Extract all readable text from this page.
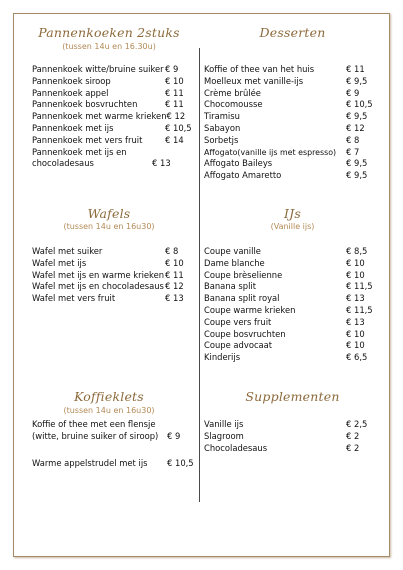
Pannenkoeken 2stuks
(tussen 14u en 16.30u)
Pannenkoek witte/bruine suiker € 9
Pannenkoek siroop	€ 10
Pannenkoek appel	€ 11
Pannenkoek bosvruchten	€ 11
Pannenkoek met warme krieken € 12
Pannenkoek met ijs	€ 10,5
Pannenkoek met vers fruit	€ 14
Pannenkoek met ijs en chocoladesaus	€ 13
Desserten
Koffie of thee van het huis	€ 11
Moelleux met vanille-ijs	€ 9,5
Crème brûlée	€ 9
Chocomousse	€ 10,5
Tiramisu	€ 9,5
Sabayon	€ 12
Sorbetjs	€ 8
Affogato(vanille ijs met espresso)	€ 7
Affogato Baileys	€ 9,5
Affogato Amaretto	€ 9,5
Wafels
(tussen 14u en 16u30)
Wafel met suiker	€ 8
Wafel met ijs	€ 10
Wafel met ijs en warme krieken € 11
Wafel met ijs en chocoladesaus € 12
Wafel met vers fruit	€ 13
IJs
(Vanille ijs)
Coupe vanille	€ 8,5
Dame blanche	€ 10
Coupe brèselienne	€ 10
Banana split	€ 11,5
Banana split royal	€ 13
Coupe warme krieken	€ 11,5
Coupe vers fruit	€ 13
Coupe bosvruchten	€ 10
Coupe advocaat	€ 10
Kinderijs	€ 6,5
Koffieklets
(tussen 14u en 16u30)
Koffie of thee met een flensje (witte, bruine suiker of siroop)	€ 9
Warme appelstrudel met ijs	€ 10,5
Supplementen
Vanille ijs	€ 2,5
Slagroom	€ 2
Chocoladesaus	€ 2
